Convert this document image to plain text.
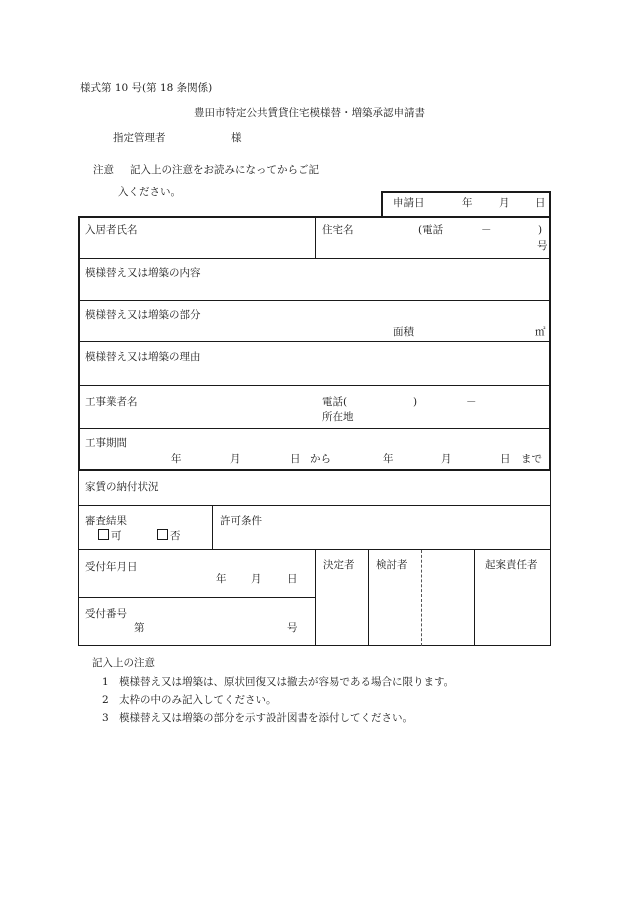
様式第 10 号(第 18 条関係)
豊田市特定公共賃貸住宅模様替・増築承認申請書
指定管理者	様
注意 記入上の注意をお読みになってからご記
入ください。
申請日	年	月 日
入居者氏名	住宅名	(電話	－	)
号
模様替え又は増築の内容
模様替え又は増築の部分
面積	㎡
模様替え又は増築の理由
工事業者名	電話(	)	－
所在地
工事期間
年	月	日 から	年	月	日 まで
家賃の納付状況
審査結果
可	否
許可条件
受付年月日
年 月 日
受付番号
第	号
決定者 検討者	起案責任者
記入上の注意
1 模様替え又は増築は、原状回復又は撤去が容易である場合に限ります。
2 太枠の中のみ記入してください。
3 模様替え又は増築の部分を示す設計図書を添付してください。
